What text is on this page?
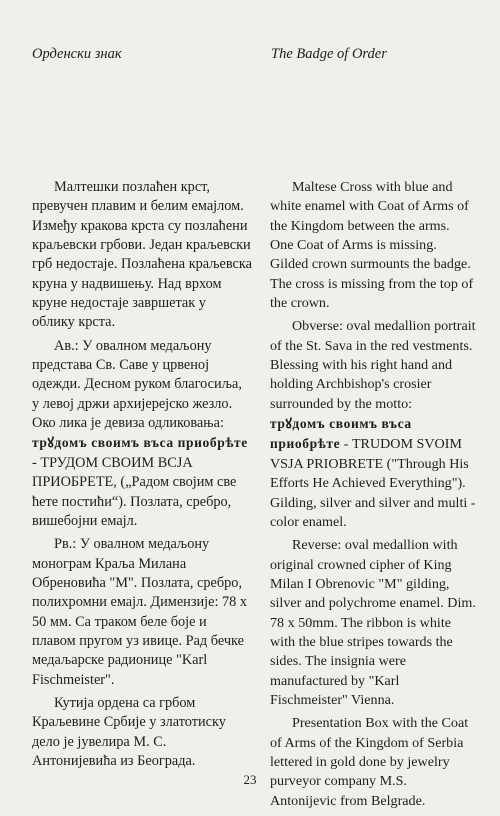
Орденски знак	The Badge of Order

Малтешки позлаћен крст, превучен плавим и белим емајлом. Између кракова крста су позлаћени краљевски грбови. Један краљевски грб недостаје. Позлаћена краљевска круна у надвишењу. Над врхом круне недостаје завршетак у облику крста.

Ав.: У овалном медаљону представа Св. Саве у црвеној одежди. Десном руком благосиља, у левој држи архијерејско жезло. Око лика је девиза одликовања:
трꙋдомъ своимъ въса приобрѣте - ТРУДОМ СВОИМ ВСЈА ПРИОБРЕТЕ, („Радом својим све ћете постићи“). Позлата, сребро, вишебојни емајл.

Рв.: У овалном медаљону монограм Краља Милана Обреновића "М". Позлата, сребро, полихромни емајл. Димензије: 78 х 50 мм. Са траком беле боје и плавом пругом уз ивице. Рад бечке медаљарске радионице "Karl Fischmeister".

Кутија ордена са грбом Краљевине Србије у златотиску дело је јувелира М. С. Антонијевића из Београда.

Maltese Cross with blue and white enamel with Coat of Arms of the Kingdom between the arms. One Coat of Arms is missing. Gilded crown surmounts the badge. The cross is missing from the top of the crown.

Obverse: oval medallion portrait of the St. Sava in the red vestments. Blessing with his right hand and holding Archbishop's crosier surrounded by the motto:
трꙋдомъ своимъ въса приобрѣте - TRUDOM SVOIM VSJA PRIOBRETE ("Through His Efforts He Achieved Everything"). Gilding, silver and silver and multi - color enamel.

Reverse: oval medallion with original crowned cipher of King Milan I Obrenovic "M" gilding, silver and polychrome enamel. Dim. 78 x 50mm. The ribbon is white with the blue stripes towards the sides. The insignia were manufactured by "Karl Fischmeister" Vienna.

Presentation Box with the Coat of Arms of the Kingdom of Serbia lettered in gold done by jewelry purveyor company M.S. Antonijevic from Belgrade.

23
